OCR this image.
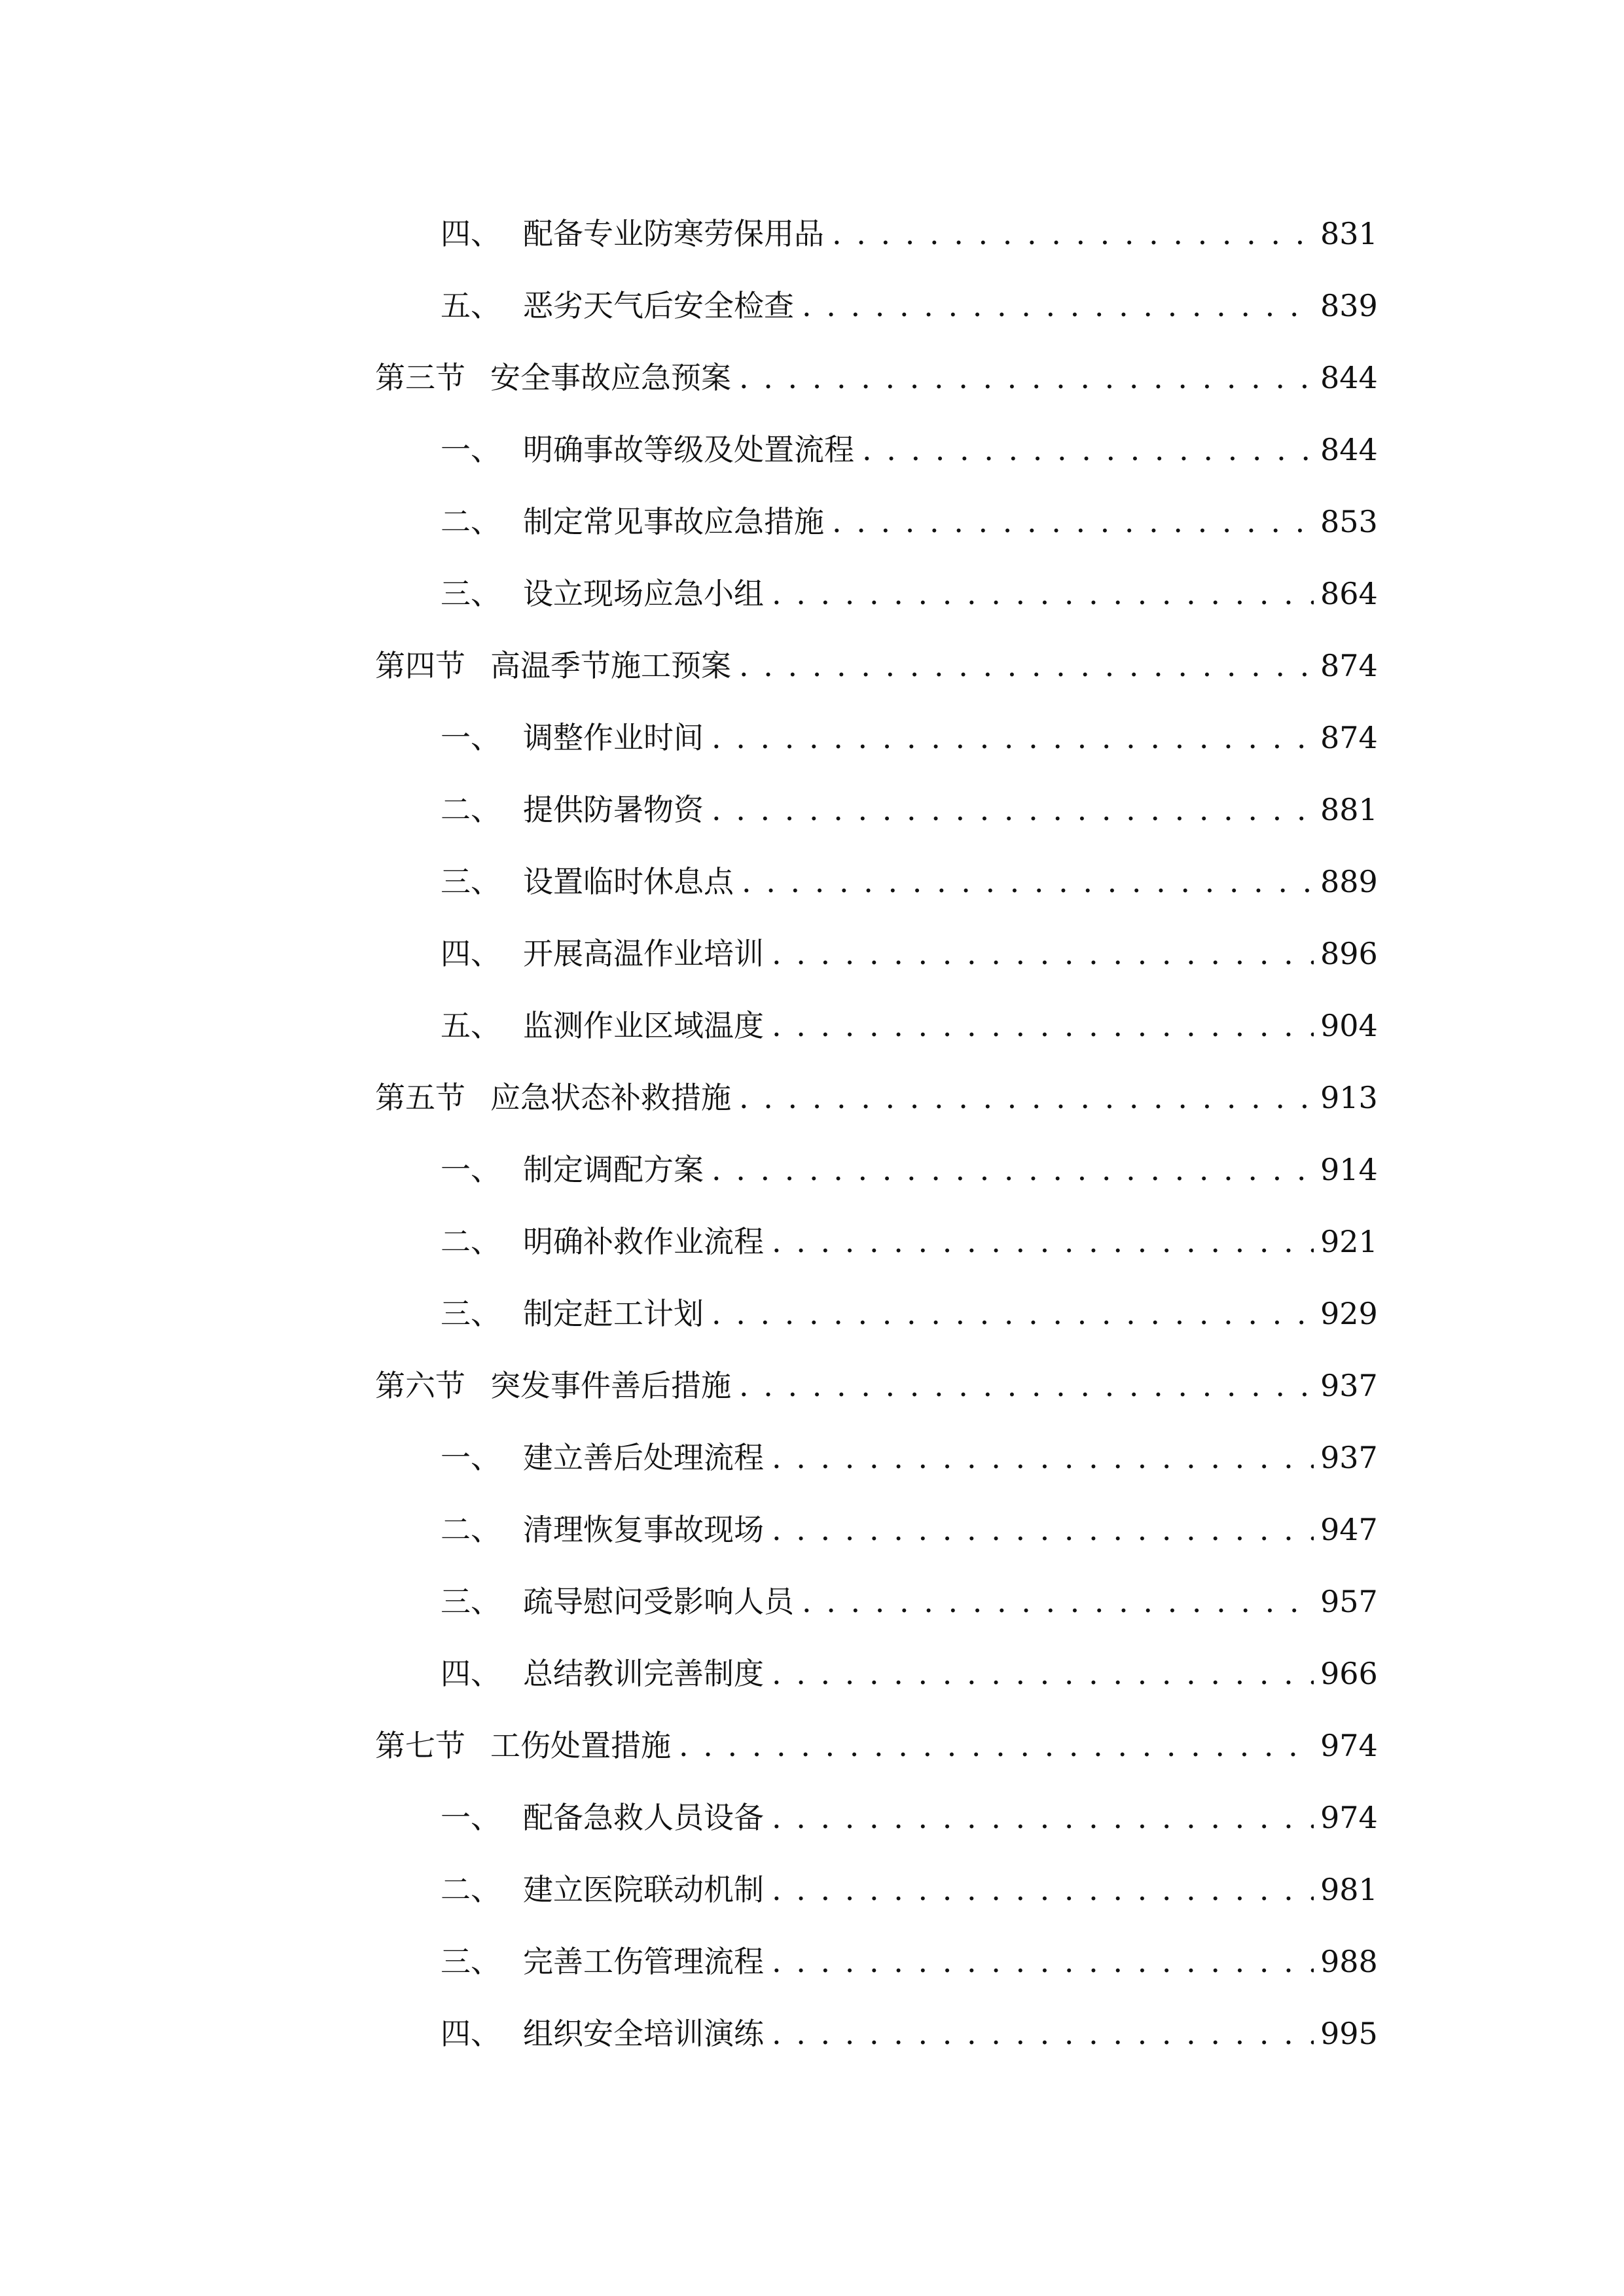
四、 配备专业防寒劳保用品 . . .	831
五、 恶劣天气后安全检查 . . .	839
第三节 安全事故应急预案 . . .	844
一、 明确事故等级及处置流程 . . .	844
二、 制定常见事故应急措施 . . .	853
三、 设立现场应急小组 . . .	864
第四节 高温季节施工预案 . . .	874
一、 调整作业时间 . . .	874
二、 提供防暑物资 . . .	881
三、 设置临时休息点 . . .	889
四、 开展高温作业培训 . . .	896
五、 监测作业区域温度 . . .	904
第五节 应急状态补救措施 . . .	913
一、 制定调配方案 . . .	914
二、 明确补救作业流程 . . .	921
三、 制定赶工计划 . . .	929
第六节 突发事件善后措施 . . .	937
一、 建立善后处理流程 . . .	937
二、 清理恢复事故现场 . . .	947
三、 疏导慰问受影响人员 . . .	957
四、 总结教训完善制度 . . .	966
第七节 工伤处置措施 . . .	974
一、 配备急救人员设备 . . .	974
二、 建立医院联动机制 . . .	981
三、 完善工伤管理流程 . . .	988
四、 组织安全培训演练 . . .	995
